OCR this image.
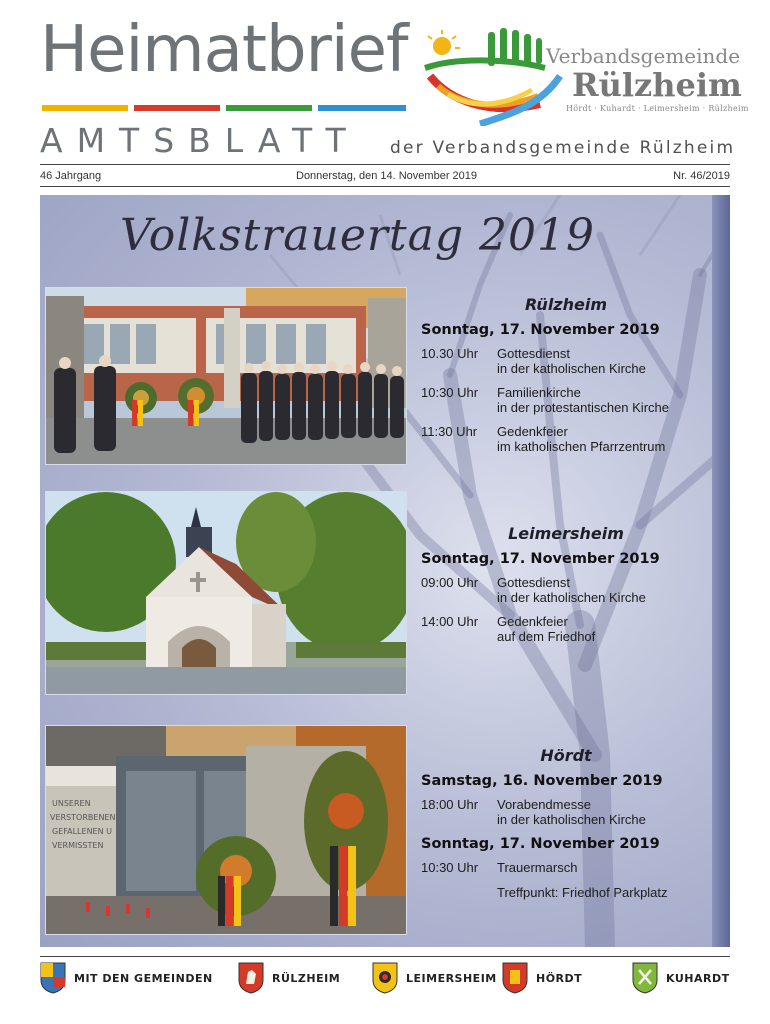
Heimatbrief
AMTSBLATT der Verbandsgemeinde Rülzheim
Verbandsgemeinde
Rülzheim
Hördt · Kuhardt · Leimersheim · Rülzheim
46 Jahrgang	Donnerstag, den 14. November 2019	Nr. 46/2019
Volkstrauertag 2019
UNSEREN
VERSTORBENEN
GEFALLENEN U
VERMISSTEN
Rülzheim
Sonntag, 17. November 2019
10.30 Uhr	Gottesdienst
in der katholischen Kirche
10:30 Uhr	Familienkirche
in der protestantischen Kirche
11:30 Uhr	Gedenkfeier
im katholischen Pfarrzentrum
Leimersheim
Sonntag, 17. November 2019
09:00 Uhr	Gottesdienst
in der katholischen Kirche
14:00 Uhr	Gedenkfeier
auf dem Friedhof
Hördt
Samstag, 16. November 2019
18:00 Uhr	Vorabendmesse
in der katholischen Kirche
Sonntag, 17. November 2019
10:30 Uhr	Trauermarsch
Treffpunkt: Friedhof Parkplatz
MIT DEN GEMEINDEN	RÜLZHEIM	LEIMERSHEIM	HÖRDT	KUHARDT
